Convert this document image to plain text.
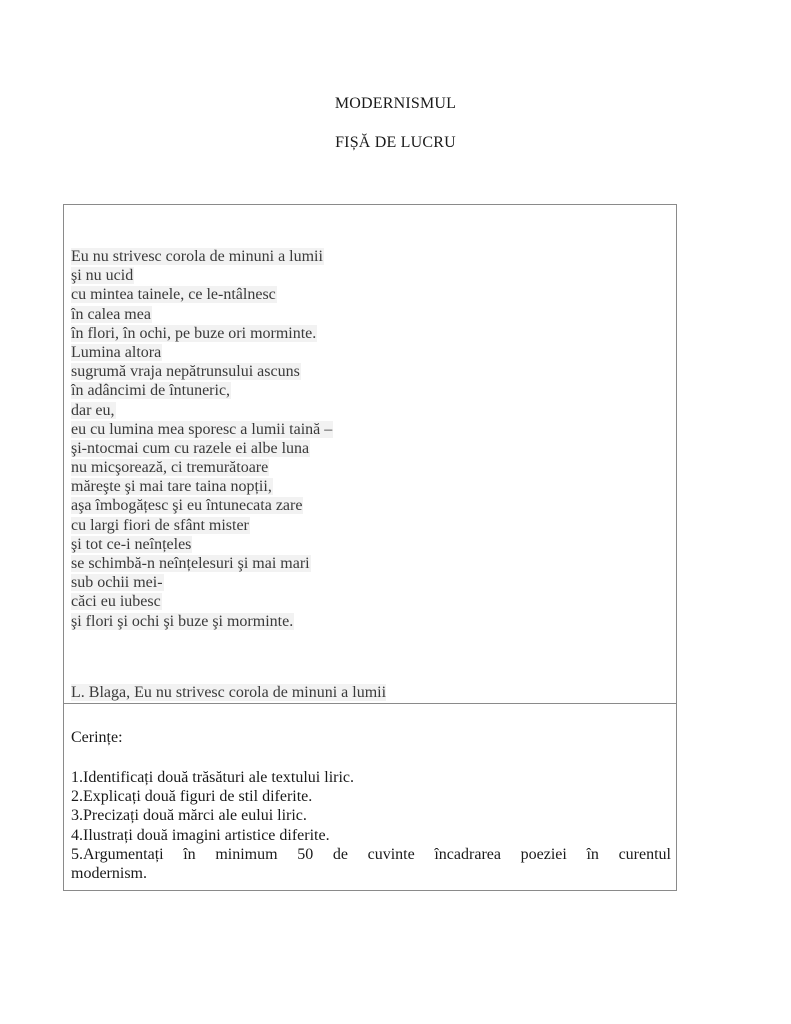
MODERNISMUL
FIȘĂ DE LUCRU
Eu nu strivesc corola de minuni a lumii
şi nu ucid
cu mintea tainele, ce le-ntâlnesc
în calea mea
în flori, în ochi, pe buze ori morminte.
Lumina altora
sugrumă vraja nepătrunsului ascuns
în adâncimi de întuneric,
dar eu,
eu cu lumina mea sporesc a lumii taină –
şi-ntocmai cum cu razele ei albe luna
nu micşorează, ci tremurătoare
măreşte şi mai tare taina nopții,
aşa îmbogățesc şi eu întunecata zare
cu largi fiori de sfânt mister
şi tot ce-i neînțeles
se schimbă-n neînțelesuri şi mai mari
sub ochii mei-
căci eu iubesc
şi flori şi ochi şi buze şi morminte.
L. Blaga, Eu nu strivesc corola de minuni a lumii
Cerințe:
1.Identificați două trăsături ale textului liric.
2.Explicați două figuri de stil diferite.
3.Precizați două mărci ale eului liric.
4.Ilustrați două imagini artistice diferite.
5.Argumentați în minimum 50 de cuvinte încadrarea poeziei în curentul
modernism.
